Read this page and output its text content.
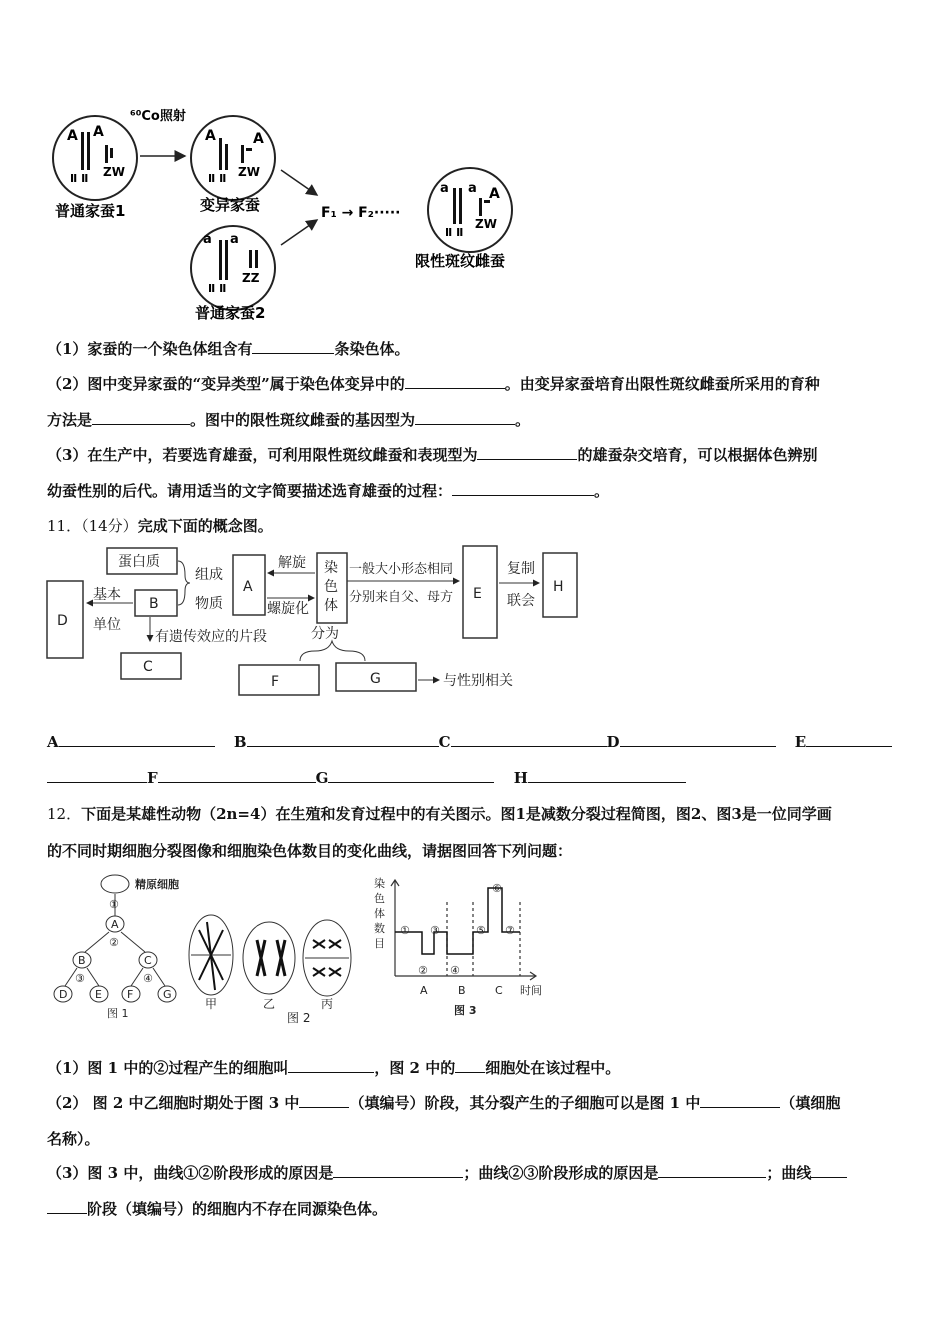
A A
Ⅱ Ⅱ ZW
普通家蚕1
⁶⁰Co照射
A	A
Ⅱ Ⅱ ZW
变异家蚕
a a
Ⅱ Ⅱ
ZZ
普通家蚕2
F₁ → F₂·····
a a A
Ⅱ Ⅱ
ZW
限性斑纹雌蚕
（1）家蚕的一个染色体组含有	条染色体。
（2）图中变异家蚕的“变异类型”属于染色体变异中的	。由变异家蚕培育出限性斑纹雌蚕所采用的育种
方法是	。图中的限性斑纹雌蚕的基因型为	。
（3）在生产中，若要选育雄蚕，可利用限性斑纹雌蚕和表现型为	的雄蚕杂交培育，可以根据体色辨别
幼蚕性别的后代。请用适当的文字简要描述选育雄蚕的过程：	。
11．（14分）完成下面的概念图。
蛋白质
B
组成
物质
A
解旋
螺旋化
染
色
体
一般大小形态相同
分别来自父、母方 E
复制
联会
H
D
基本
单位
有遗传效应的片段
C
分为
F	G	与性别相关
A	B	C	D	E
F	G	H
12．下面是某雄性动物（2n=4）在生殖和发育过程中的有关图示。图1是减数分裂过程简图，图2、图3是一位同学画
的不同时期细胞分裂图像和细胞染色体数目的变化曲线，请据图回答下列问题：
精原细胞
①
A
②
B	C
③	④
D	E F	G
图 1
甲	乙	丙
图 2
染
色
体
数
目
①
②
③
④
⑤
⑥
⑦
A	B	C 时间
图 3
（1）图 1 中的②过程产生的细胞叫	，图 2 中的 细胞处在该过程中。
（2） 图 2 中乙细胞时期处于图 3 中	（填编号）阶段，其分裂产生的子细胞可以是图 1 中	（填细胞
名称）。
（3）图 3 中，曲线①②阶段形成的原因是	；曲线②③阶段形成的原因是	；曲线
阶段（填编号）的细胞内不存在同源染色体。
